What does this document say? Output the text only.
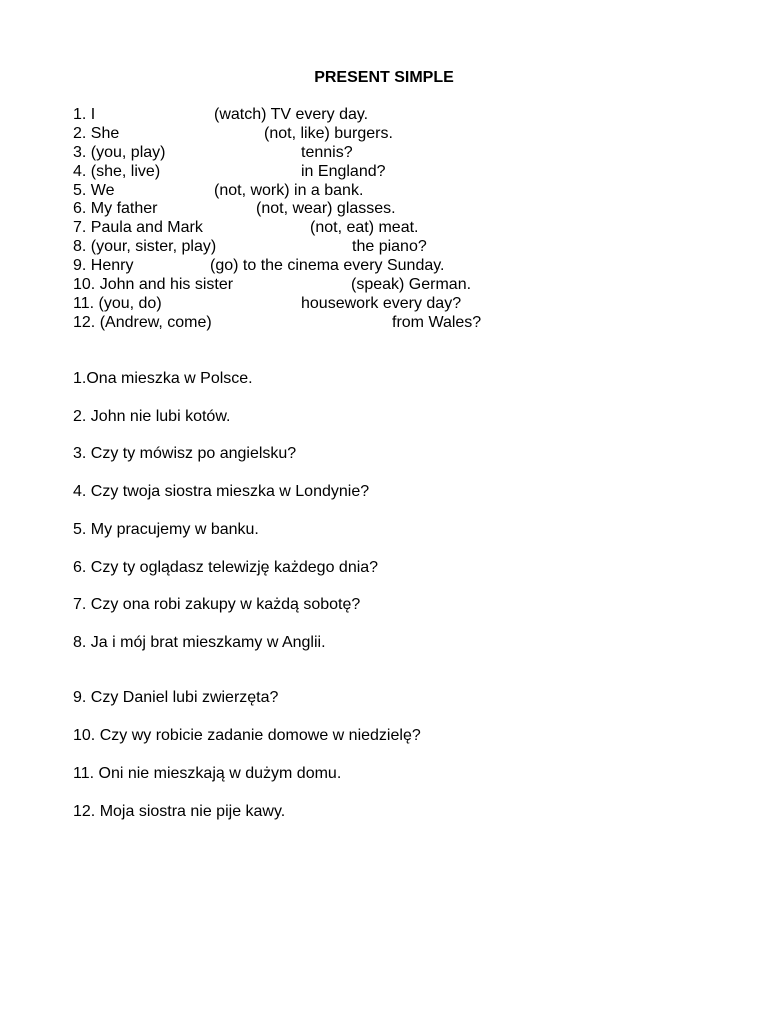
PRESENT SIMPLE
1. I	(watch) TV every day.
2. She	(not, like) burgers.
3. (you, play)	tennis?
4. (she, live)	in England?
5. We	(not, work) in a bank.
6. My father	(not, wear) glasses.
7. Paula and Mark	(not, eat) meat.
8. (your, sister, play)	the piano?
9. Henry	(go) to the cinema every Sunday.
10. John and his sister	(speak) German.
11. (you, do)	housework every day?
12. (Andrew, come)	from Wales?
1.Ona mieszka w Polsce.
2. John nie lubi kotów.
3. Czy ty mówisz po angielsku?
4. Czy twoja siostra mieszka w Londynie?
5. My pracujemy w banku.
6. Czy ty oglądasz telewizję każdego dnia?
7. Czy ona robi zakupy w każdą sobotę?
8. Ja i mój brat mieszkamy w Anglii.
9. Czy Daniel lubi zwierzęta?
10. Czy wy robicie zadanie domowe w niedzielę?
11. Oni nie mieszkają w dużym domu.
12. Moja siostra nie pije kawy.
